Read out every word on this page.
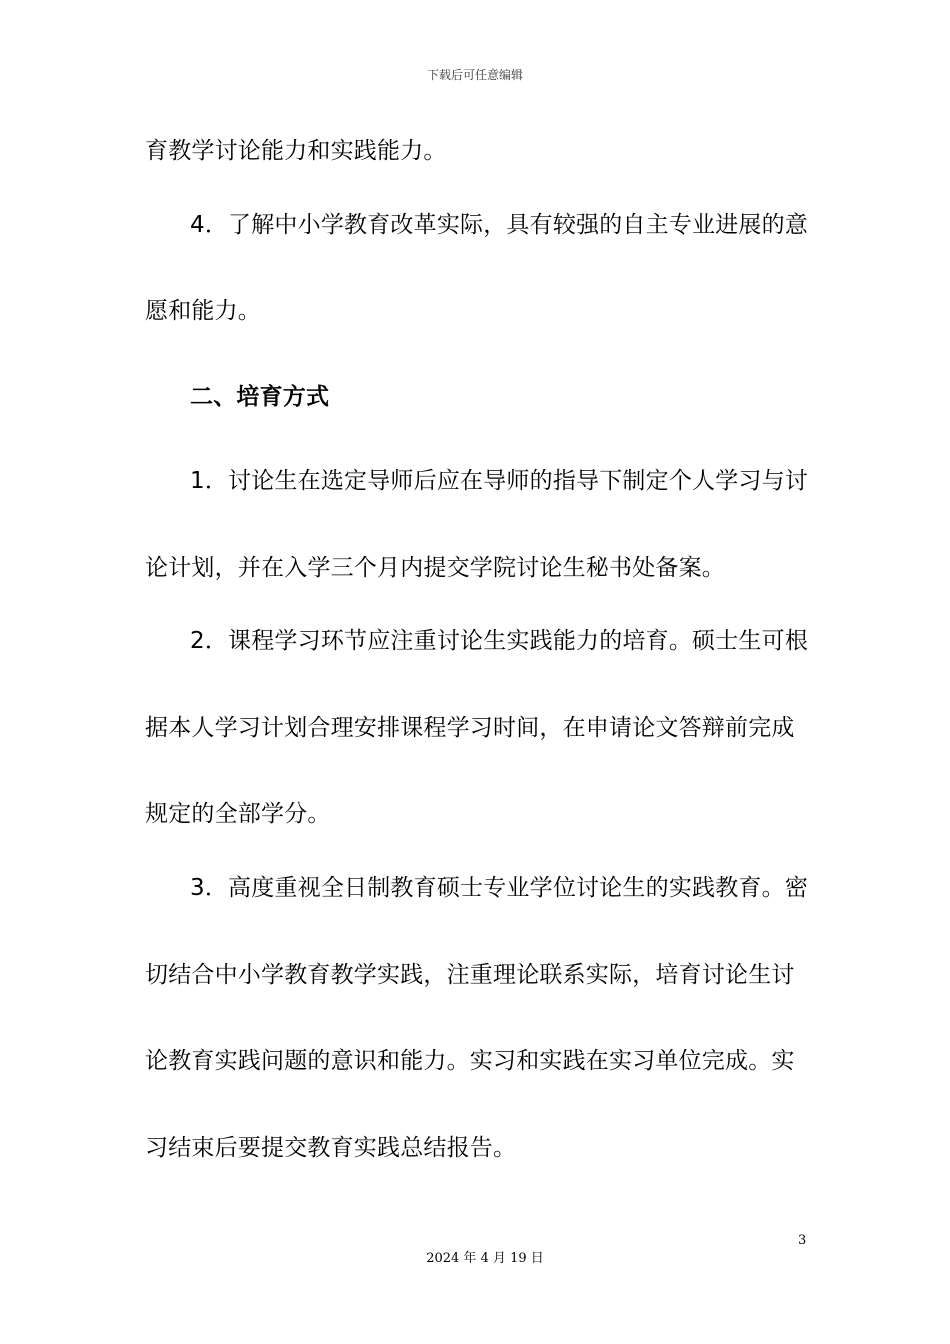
下载后可任意编辑
育教学讨论能力和实践能力。
4．了解中小学教育改革实际，具有较强的自主专业进展的意
愿和能力。
二、培育方式
1．讨论生在选定导师后应在导师的指导下制定个人学习与讨
论计划，并在入学三个月内提交学院讨论生秘书处备案。
2．课程学习环节应注重讨论生实践能力的培育。硕士生可根
据本人学习计划合理安排课程学习时间，在申请论文答辩前完成
规定的全部学分。
3．高度重视全日制教育硕士专业学位讨论生的实践教育。密
切结合中小学教育教学实践，注重理论联系实际，培育讨论生讨
论教育实践问题的意识和能力。实习和实践在实习单位完成。实
习结束后要提交教育实践总结报告。
3
2024 年 4 月 19 日
